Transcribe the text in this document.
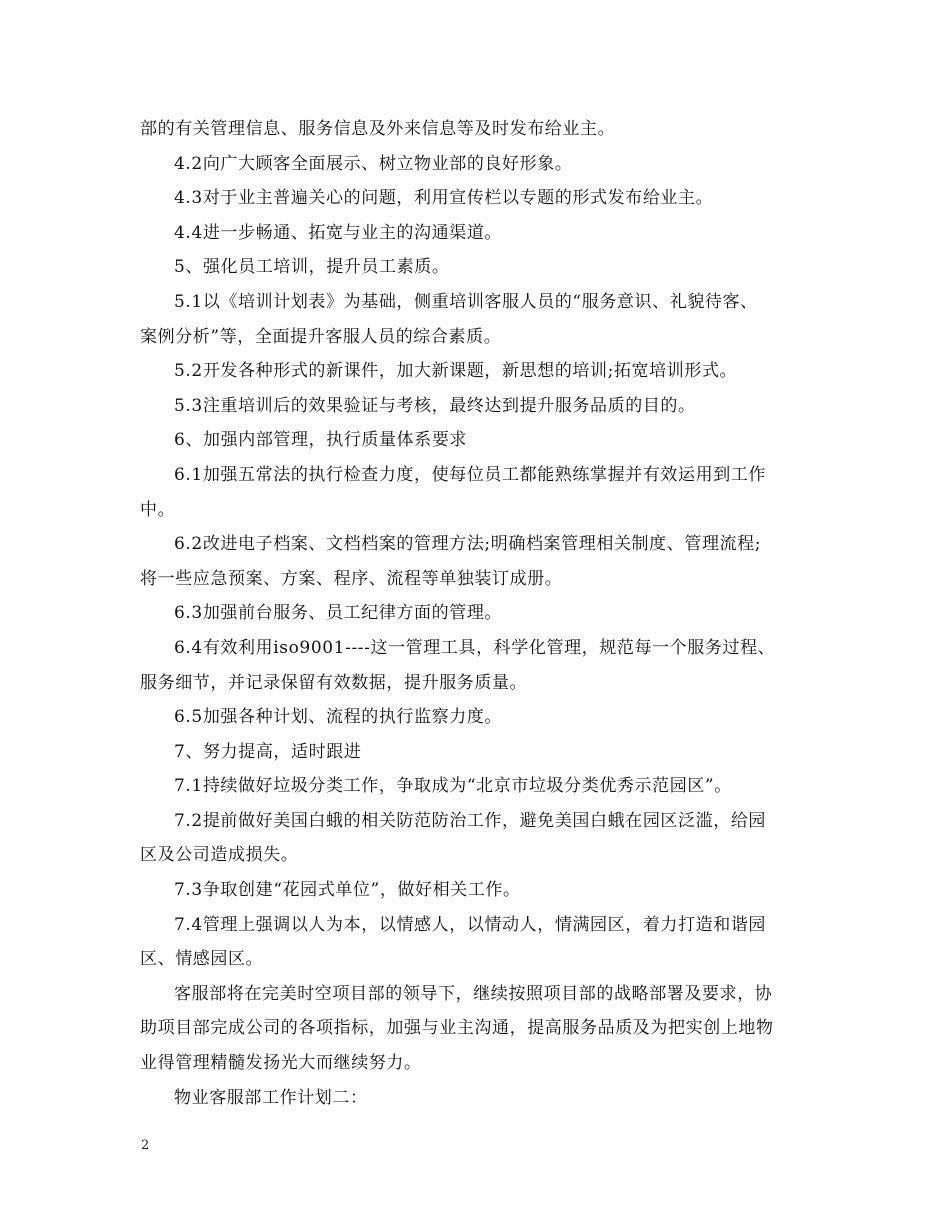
部的有关管理信息、服务信息及外来信息等及时发布给业主。
4.2向广大顾客全面展示、树立物业部的良好形象。
4.3对于业主普遍关心的问题，利用宣传栏以专题的形式发布给业主。
4.4进一步畅通、拓宽与业主的沟通渠道。
5、强化员工培训，提升员工素质。
5.1以《培训计划表》为基础，侧重培训客服人员的“服务意识、礼貌待客、
案例分析”等，全面提升客服人员的综合素质。
5.2开发各种形式的新课件，加大新课题，新思想的培训;拓宽培训形式。
5.3注重培训后的效果验证与考核，最终达到提升服务品质的目的。
6、加强内部管理，执行质量体系要求
6.1加强五常法的执行检查力度，使每位员工都能熟练掌握并有效运用到工作
中。
6.2改进电子档案、文档档案的管理方法;明确档案管理相关制度、管理流程;
将一些应急预案、方案、程序、流程等单独装订成册。
6.3加强前台服务、员工纪律方面的管理。
6.4有效利用iso9001----这一管理工具，科学化管理，规范每一个服务过程、
服务细节，并记录保留有效数据，提升服务质量。
6.5加强各种计划、流程的执行监察力度。
7、努力提高，适时跟进
7.1持续做好垃圾分类工作，争取成为“北京市垃圾分类优秀示范园区”。
7.2提前做好美国白蛾的相关防范防治工作，避免美国白蛾在园区泛滥，给园
区及公司造成损失。
7.3争取创建“花园式单位”，做好相关工作。
7.4管理上强调以人为本，以情感人，以情动人，情满园区，着力打造和谐园
区、情感园区。
客服部将在完美时空项目部的领导下，继续按照项目部的战略部署及要求，协
助项目部完成公司的各项指标，加强与业主沟通，提高服务品质及为把实创上地物
业得管理精髓发扬光大而继续努力。
物业客服部工作计划二：
2
